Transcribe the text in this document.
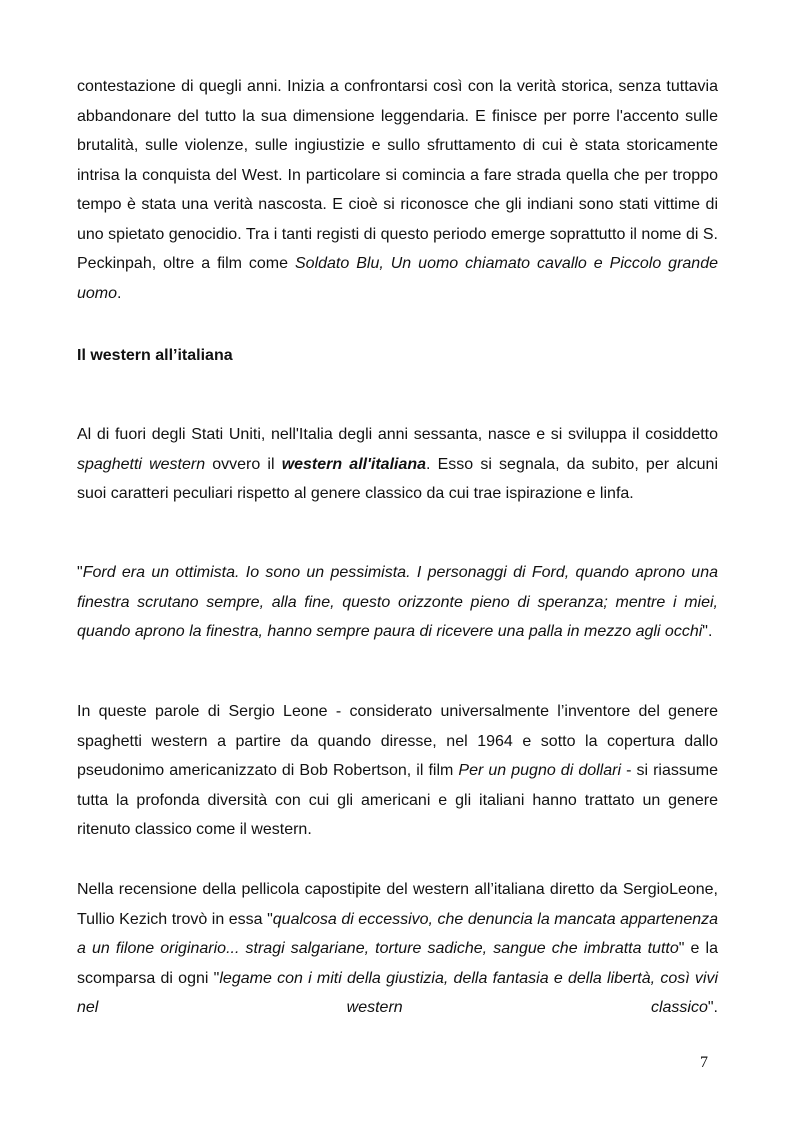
contestazione di quegli anni. Inizia a confrontarsi così con la verità storica, senza tuttavia abbandonare del tutto la sua dimensione leggendaria. E finisce per porre l'accento sulle brutalità, sulle violenze, sulle ingiustizie e sullo sfruttamento di cui è stata storicamente intrisa la conquista del West. In particolare si comincia a fare strada quella che per troppo tempo è stata una verità nascosta. E cioè si riconosce che gli indiani sono stati vittime di uno spietato genocidio. Tra i tanti registi di questo periodo emerge soprattutto il nome di S. Peckinpah, oltre a film come Soldato Blu, Un uomo chiamato cavallo e Piccolo grande uomo.

Il western all’italiana

Al di fuori degli Stati Uniti, nell'Italia degli anni sessanta, nasce e si sviluppa il cosiddetto spaghetti western ovvero il western all'italiana. Esso si segnala, da subito, per alcuni suoi caratteri peculiari rispetto al genere classico da cui trae ispirazione e linfa.

"Ford era un ottimista. Io sono un pessimista. I personaggi di Ford, quando aprono una finestra scrutano sempre, alla fine, questo orizzonte pieno di speranza; mentre i miei, quando aprono la finestra, hanno sempre paura di ricevere una palla in mezzo agli occhi".

In queste parole di Sergio Leone - considerato universalmente l’inventore del genere spaghetti western a partire da quando diresse, nel 1964 e sotto la copertura dallo pseudonimo americanizzato di Bob Robertson, il film Per un pugno di dollari - si riassume tutta la profonda diversità con cui gli americani e gli italiani hanno trattato un genere ritenuto classico come il western.

Nella recensione della pellicola capostipite del western all’italiana diretto da SergioLeone, Tullio Kezich trovò in essa "qualcosa di eccessivo, che denuncia la mancata appartenenza a un filone originario... stragi salgariane, torture sadiche, sangue che imbratta tutto" e la scomparsa di ogni "legame con i miti della giustizia, della fantasia e della libertà, così vivi nel western classico".

7
